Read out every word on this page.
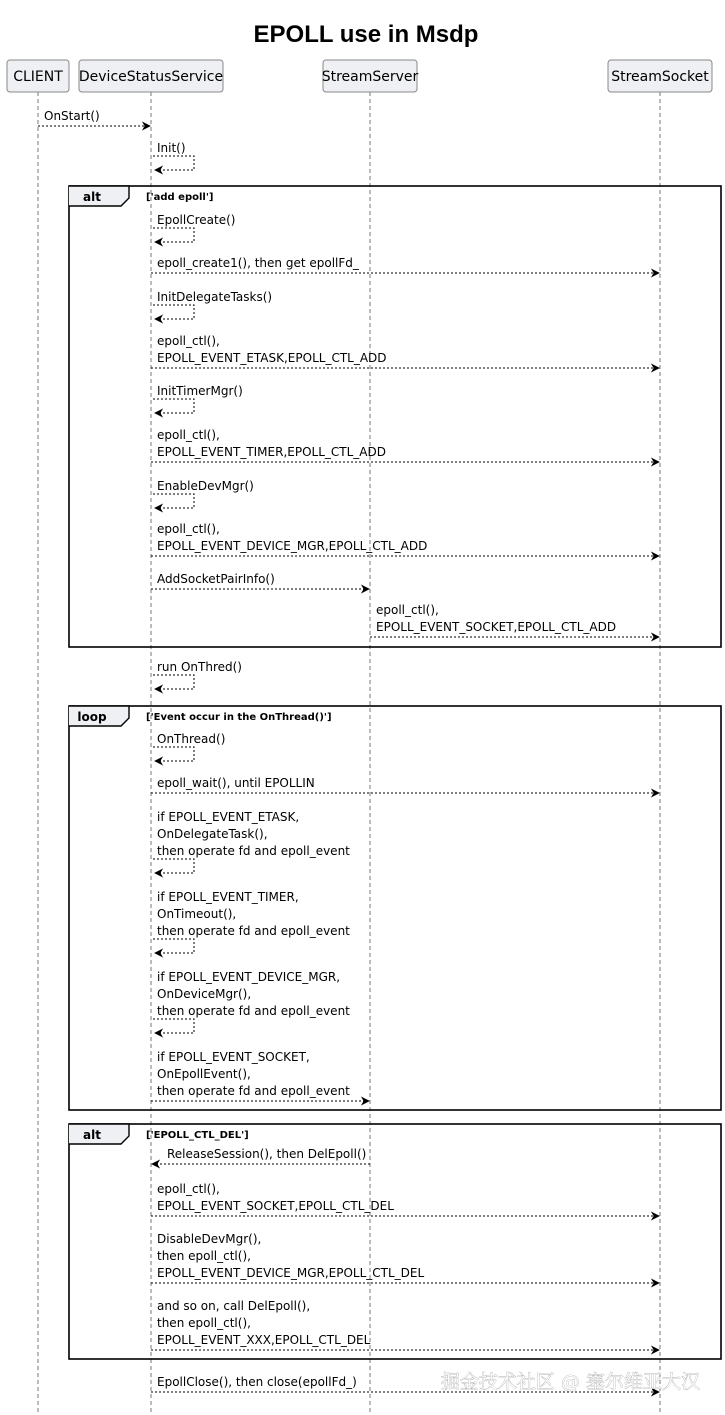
EPOLL use in Msdp
alt	['add epoll']
loop	['Event occur in the OnThread()']
alt	['EPOLL_CTL_DEL']
CLIENT DeviceStatusService	StreamServer	StreamSocket
OnStart()
Init()
EpollCreate()
epoll_create1(), then get epollFd_
InitDelegateTasks()
epoll_ctl(),
EPOLL_EVENT_ETASK,EPOLL_CTL_ADD
InitTimerMgr()
epoll_ctl(),
EPOLL_EVENT_TIMER,EPOLL_CTL_ADD
EnableDevMgr()
epoll_ctl(),
EPOLL_EVENT_DEVICE_MGR,EPOLL_CTL_ADD
AddSocketPairInfo()
epoll_ctl(),
EPOLL_EVENT_SOCKET,EPOLL_CTL_ADD
run OnThred()
OnThread()
epoll_wait(), until EPOLLIN
if EPOLL_EVENT_ETASK,
OnDelegateTask(),
then operate fd and epoll_event
if EPOLL_EVENT_TIMER,
OnTimeout(),
then operate fd and epoll_event
if EPOLL_EVENT_DEVICE_MGR,
OnDeviceMgr(),
then operate fd and epoll_event
if EPOLL_EVENT_SOCKET,
OnEpollEvent(),
then operate fd and epoll_event
ReleaseSession(), then DelEpoll()
epoll_ctl(),
EPOLL_EVENT_SOCKET,EPOLL_CTL_DEL
DisableDevMgr(),
then epoll_ctl(),
EPOLL_EVENT_DEVICE_MGR,EPOLL_CTL_DEL
and so on, call DelEpoll(),
then epoll_ctl(),
EPOLL_EVENT_XXX,EPOLL_CTL_DEL
EpollClose(), then close(epollFd_)	掘金技术社区 @ 塞尔维亚大汉
